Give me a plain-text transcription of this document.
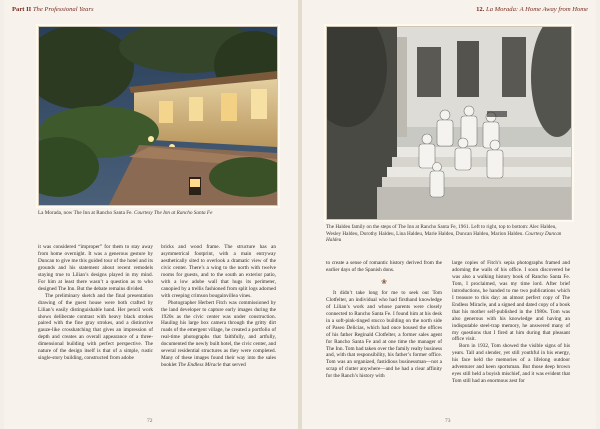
Part II The Professional Years
La Morada, now The Inn at Rancho Santa Fe. Courtesy The Inn at Rancho Santa Fe

it was considered “improper” for them to stay away from home overnight. It was a generous gesture by Duncan to give me this guided tour of the hotel and its grounds and his statement about recent remodels staying true to Lilian’s designs played in my mind. For him at least there wasn’t a question as to who designed The Inn. But the debate remains divided.

The preliminary sketch and the final presentation drawing of the guest house were both crafted by Lilian’s easily distinguishable hand. Her pencil work shows deliberate contrast with heavy black strokes paired with the fine gray strokes, and a distinctive gauze-like crosshatching that gives an impression of depth and creates an overall appearance of a three-dimensional building with perfect perspective. The nature of the design itself is that of a simple, rustic single-story building, constructed from adobe

bricks and wood frame. The structure has an asymmetrical footprint, with a main entryway aesthetically sited to overlook a dramatic view of the civic center. There’s a wing to the north with twelve rooms for guests, and to the south an exterior patio, with a low adobe wall that hugs its perimeter, canopied by a trellis fashioned from split logs adorned with creeping crimson bougainvillea vines.

Photographer Herbert Fitch was commissioned by the land developer to capture early images during the 1920s as the civic center was under construction. Hauling his large box camera through the gritty dirt roads of the emergent village, he created a portfolio of real-time photographs that faithfully, and artfully, documented the newly built hotel, the civic center, and several residential structures as they were completed. Many of these images found their way into the sales booklet The Endless Miracle that served

72
12. La Morada: A Home Away from Home
The Haldeu family on the steps of The Inn at Rancho Santa Fe, 1961. Left to right, top to bottom: Alec Haldeu, Wesley Haldeu, Dorothy Haldeu, Lina Haldeu, Marie Haldeu, Duncan Haldeu, Marion Haldeu. Courtesy Duncan Haldeu

to create a sense of romantic history derived from the earlier days of the Spanish dons.

❀

It didn’t take long for me to seek out Tom Clotfelter, an individual who had firsthand knowledge of Lilian’s work and whose parents were closely connected to Rancho Santa Fe. I found him at his desk in a soft-pink-tinged stucco building on the north side of Paseo Delicias, which had once housed the offices of his father Reginald Clotfelter, a former sales agent for Rancho Santa Fe and at one time the manager of The Inn. Tom had taken over the family realty business and, with that responsibility, his father’s former office. Tom was an organized, fastidious businessman—not a scrap of clutter anywhere—and he had a clear affinity for the Ranch’s history with

large copies of Fitch’s sepia photographs framed and adorning the walls of his office. I soon discovered he was also a walking history book of Rancho Santa Fe. Tom, I proclaimed, was my time lord. After brief introductions, he handed to me two publications which I treasure to this day: an almost perfect copy of The Endless Miracle, and a signed and dated copy of a book that his mother self-published in the 1980s. Tom was also generous with his knowledge and having an indisputable steel-trap memory, he answered many of my questions that I fired at him during that pleasant office visit.

Born in 1932, Tom showed the visible signs of his years. Tall and slender, yet still youthful in his energy, his face held the memories of a lifelong outdoor adventurer and keen sportsman. But those deep brown eyes still held a boyish mischief, and it was evident that Tom still had an enormous zest for

73
